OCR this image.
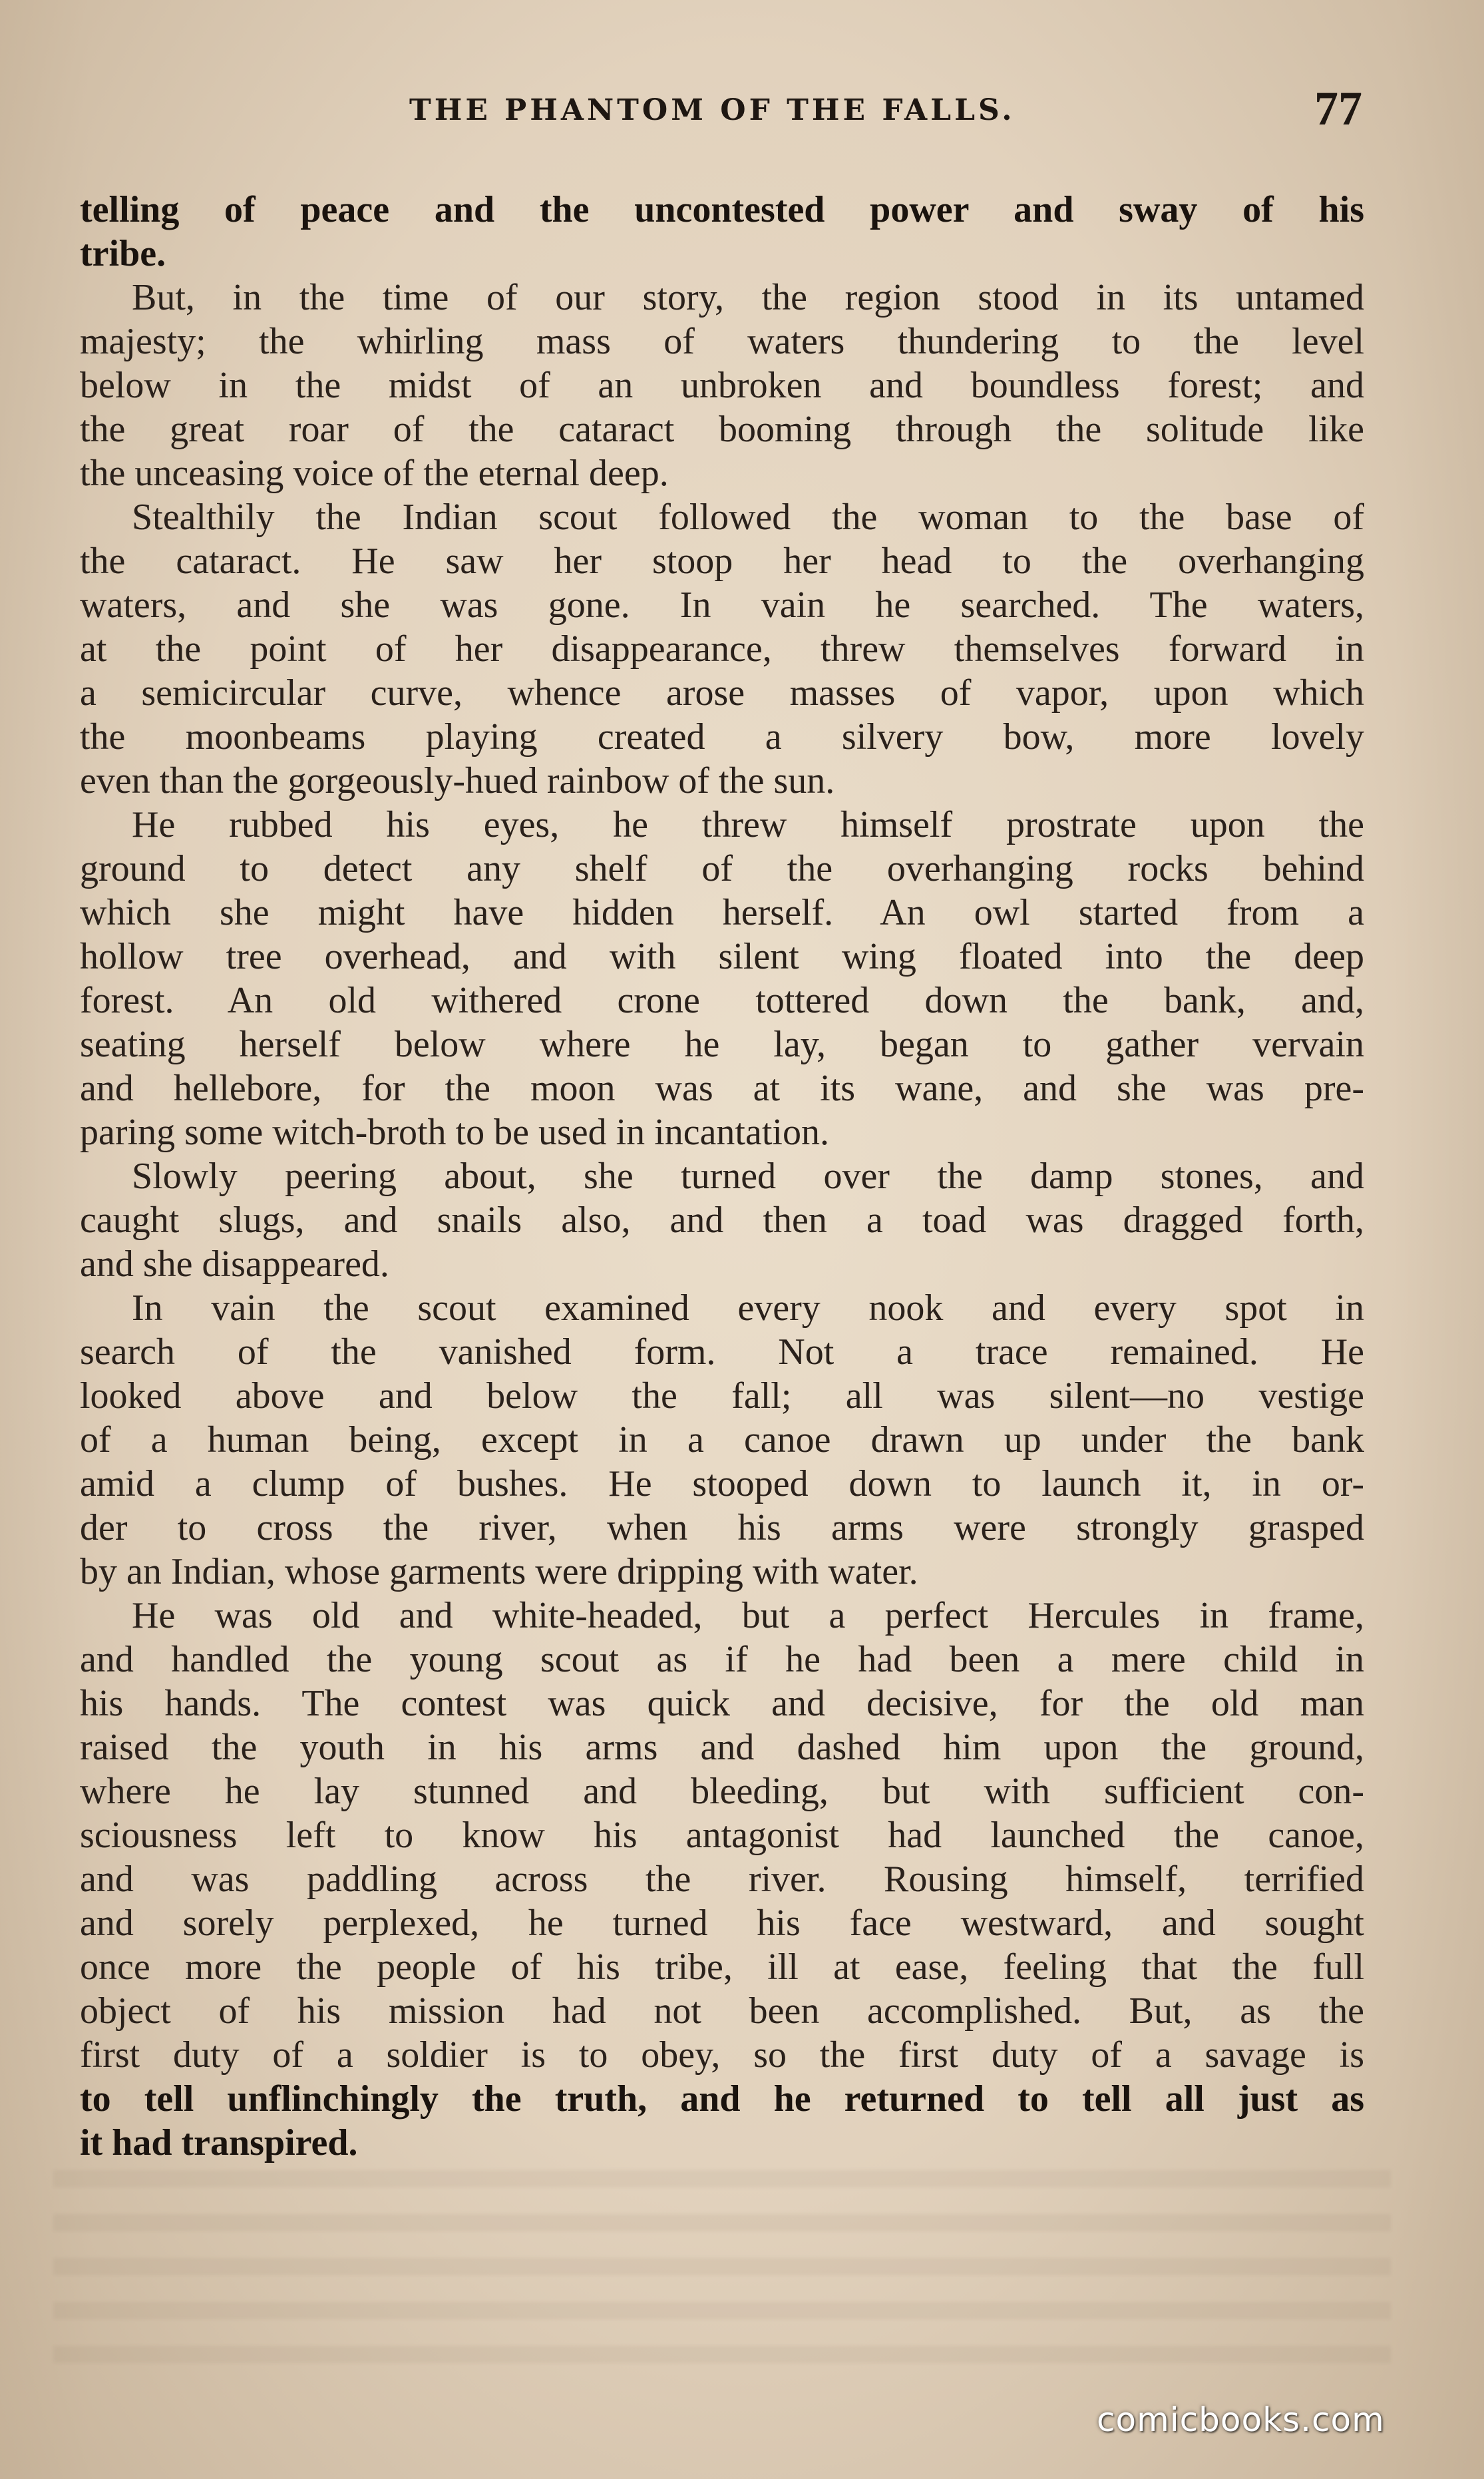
THE PHANTOM OF THE FALLS.	77
telling of peace and the uncontested power and sway of his
tribe.
But, in the time of our story, the region stood in its untamed
majesty; the whirling mass of waters thundering to the level
below in the midst of an unbroken and boundless forest; and
the great roar of the cataract booming through the solitude like
the unceasing voice of the eternal deep.
Stealthily the Indian scout followed the woman to the base of
the cataract. He saw her stoop her head to the overhanging
waters, and she was gone. In vain he searched. The waters,
at the point of her disappearance, threw themselves forward in
a semicircular curve, whence arose masses of vapor, upon which
the moonbeams playing created a silvery bow, more lovely
even than the gorgeously-hued rainbow of the sun.
He rubbed his eyes, he threw himself prostrate upon the
ground to detect any shelf of the overhanging rocks behind
which she might have hidden herself. An owl started from a
hollow tree overhead, and with silent wing floated into the deep
forest. An old withered crone tottered down the bank, and,
seating herself below where he lay, began to gather vervain
and hellebore, for the moon was at its wane, and she was pre-
paring some witch-broth to be used in incantation.
Slowly peering about, she turned over the damp stones, and
caught slugs, and snails also, and then a toad was dragged forth,
and she disappeared.
In vain the scout examined every nook and every spot in
search of the vanished form. Not a trace remained. He
looked above and below the fall; all was silent—no vestige
of a human being, except in a canoe drawn up under the bank
amid a clump of bushes. He stooped down to launch it, in or-
der to cross the river, when his arms were strongly grasped
by an Indian, whose garments were dripping with water.
He was old and white-headed, but a perfect Hercules in frame,
and handled the young scout as if he had been a mere child in
his hands. The contest was quick and decisive, for the old man
raised the youth in his arms and dashed him upon the ground,
where he lay stunned and bleeding, but with sufficient con-
sciousness left to know his antagonist had launched the canoe,
and was paddling across the river. Rousing himself, terrified
and sorely perplexed, he turned his face westward, and sought
once more the people of his tribe, ill at ease, feeling that the full
object of his mission had not been accomplished. But, as the
first duty of a soldier is to obey, so the first duty of a savage is
to tell unflinchingly the truth, and he returned to tell all just as
it had transpired.
comicbooks.com
